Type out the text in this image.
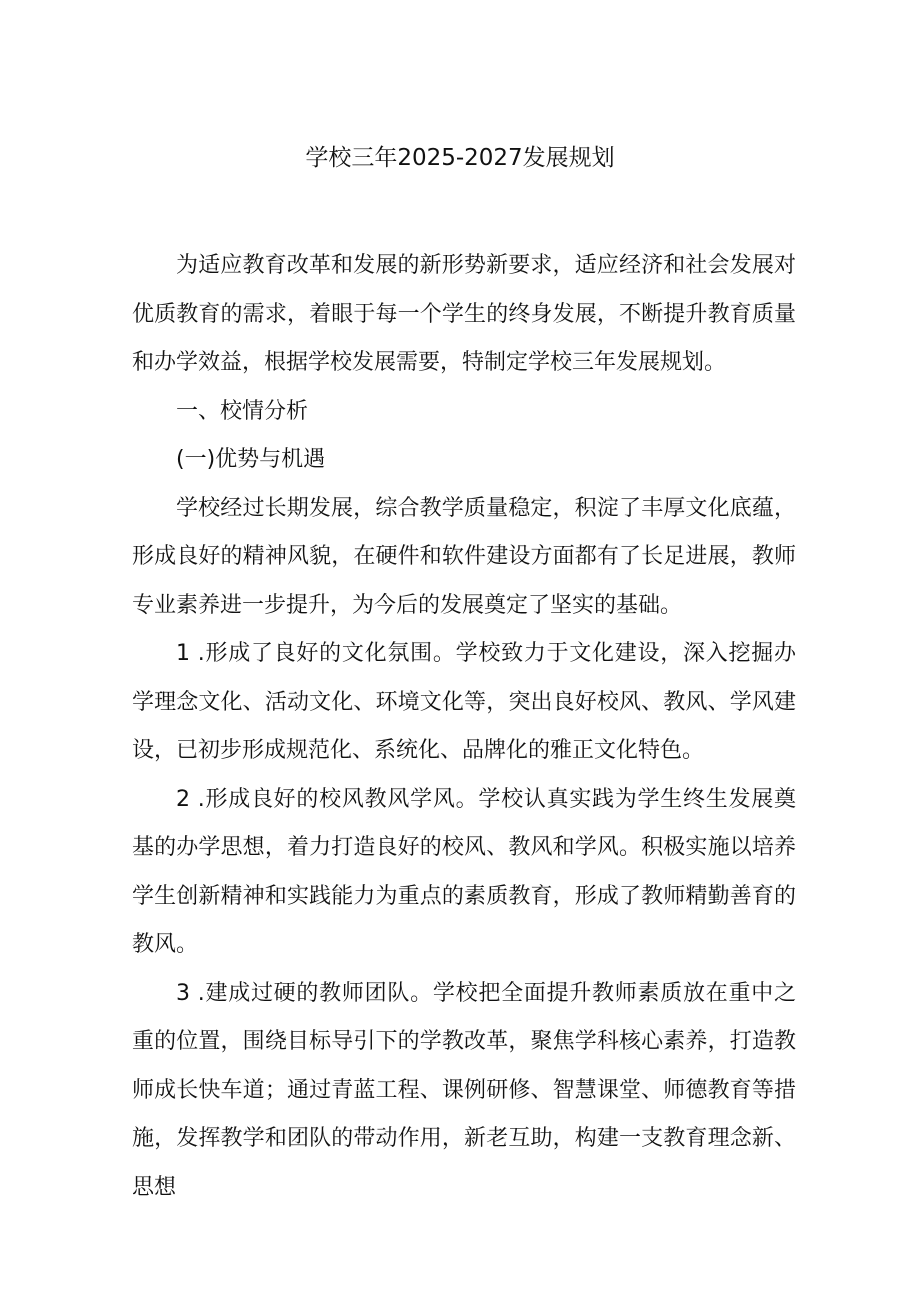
学校三年2025-2027发展规划

为适应教育改革和发展的新形势新要求，适应经济和社会发展对优质教育的需求，着眼于每一个学生的终身发展，不断提升教育质量和办学效益，根据学校发展需要，特制定学校三年发展规划。

一、校情分析

(一)优势与机遇

学校经过长期发展，综合教学质量稳定，积淀了丰厚文化底蕴，形成良好的精神风貌，在硬件和软件建设方面都有了长足进展，教师专业素养进一步提升，为今后的发展奠定了坚实的基础。

1 .形成了良好的文化氛围。学校致力于文化建设，深入挖掘办学理念文化、活动文化、环境文化等，突出良好校风、教风、学风建设，已初步形成规范化、系统化、品牌化的雅正文化特色。

2 .形成良好的校风教风学风。学校认真实践为学生终生发展奠基的办学思想，着力打造良好的校风、教风和学风。积极实施以培养学生创新精神和实践能力为重点的素质教育，形成了教师精勤善育的教风。

3 .建成过硬的教师团队。学校把全面提升教师素质放在重中之重的位置，围绕目标导引下的学教改革，聚焦学科核心素养，打造教师成长快车道；通过青蓝工程、课例研修、智慧课堂、师德教育等措施，发挥教学和团队的带动作用，新老互助，构建一支教育理念新、思想
